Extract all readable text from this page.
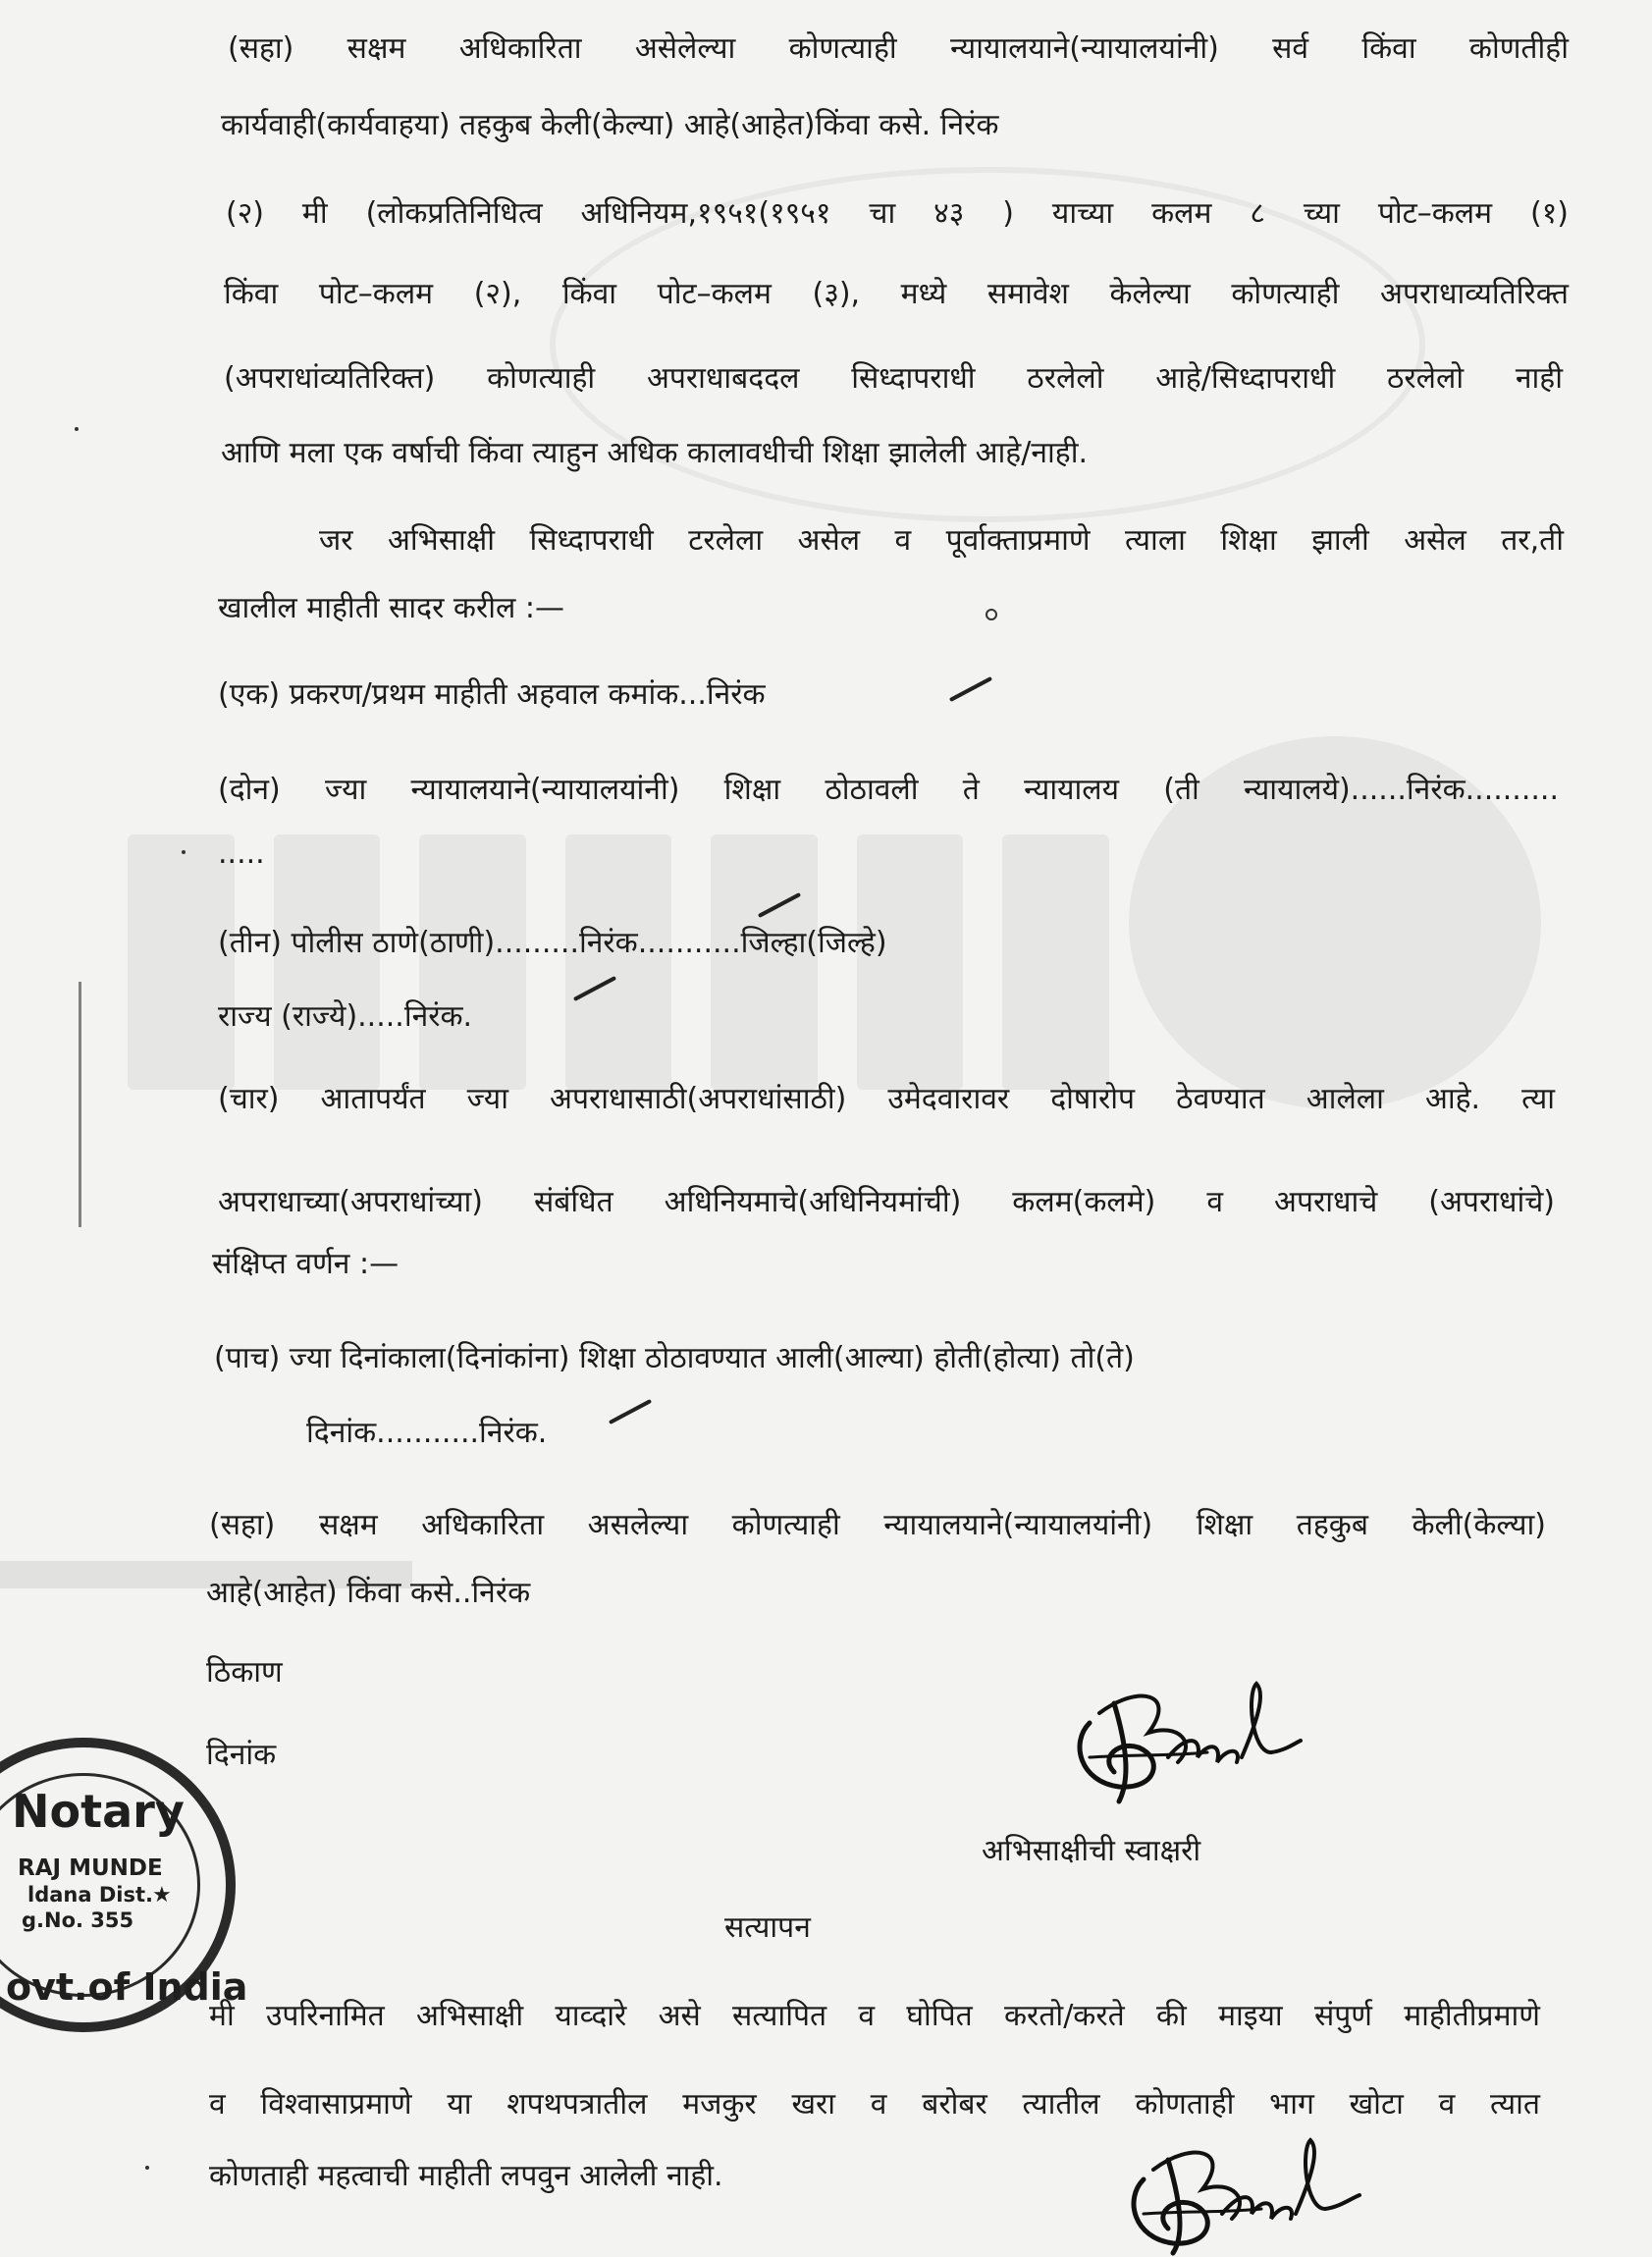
(सहा) सक्षम अधिकारिता असेलेल्या कोणत्याही न्यायालयाने(न्यायालयांनी) सर्व किंवा कोणतीही
कार्यवाही(कार्यवाहया) तहकुब केली(केल्या) आहे(आहेत)किंवा कसे. निरंक
(२) मी (लोकप्रतिनिधित्व अधिनियम,१९५१(१९५१ चा ४३ ) याच्या कलम ८ च्या पोट–कलम (१)
किंवा पोट–कलम (२), किंवा पोट–कलम (३), मध्ये समावेश केलेल्या कोणत्याही अपराधाव्यतिरिक्त
(अपराधांव्यतिरिक्त) कोणत्याही अपराधाबददल सिध्दापराधी ठरलेलो आहे/सिध्दापराधी ठरलेलो नाही
आणि मला एक वर्षाची किंवा त्याहुन अधिक कालावधीची शिक्षा झालेली आहे/नाही.
जर अभिसाक्षी सिध्दापराधी टरलेला असेल व पूर्वाक्ताप्रमाणे त्याला शिक्षा झाली असेल तर,ती
खालील माहीती सादर करील :—
(एक) प्रकरण/प्रथम माहीती अहवाल कमांक...निरंक
(दोन) ज्या न्यायालयाने(न्यायालयांनी) शिक्षा ठोठावली ते न्यायालय (ती न्यायालये)......निरंक..........
.....
(तीन) पोलीस ठाणे(ठाणी).........निरंक...........जिल्हा(जिल्हे)
राज्य (राज्ये).....निरंक.
(चार) आतापर्यंत ज्या अपराधासाठी(अपराधांसाठी) उमेदवारावर दोषारोप ठेवण्यात आलेला आहे. त्या
अपराधाच्या(अपराधांच्या) संबंधित अधिनियमाचे(अधिनियमांची) कलम(कलमे) व अपराधाचे (अपराधांचे)
संक्षिप्त वर्णन :—
(पाच) ज्या दिनांकाला(दिनांकांना) शिक्षा ठोठावण्यात आली(आल्या) होती(होत्या) तो(ते)
दिनांक...........निरंक.
(सहा) सक्षम अधिकारिता असलेल्या कोणत्याही न्यायालयाने(न्यायालयांनी) शिक्षा तहकुब केली(केल्या)
आहे(आहेत) किंवा कसे..निरंक
ठिकाण
दिनांक
अभिसाक्षीची स्वाक्षरी
सत्यापन
मी उपरिनामित अभिसाक्षी याव्दारे असे सत्यापित व घोपित करतो/करते की माइया संपुर्ण माहीतीप्रमाणे
व विश्वासाप्रमाणे या शपथपत्रातील मजकुर खरा व बरोबर त्यातील कोणताही भाग खोटा व त्यात
कोणताही महत्वाची माहीती लपवुन आलेली नाही.
Notary
RAJ MUNDE
ldana Dist.
g.No. 355
★
ovt.of India
